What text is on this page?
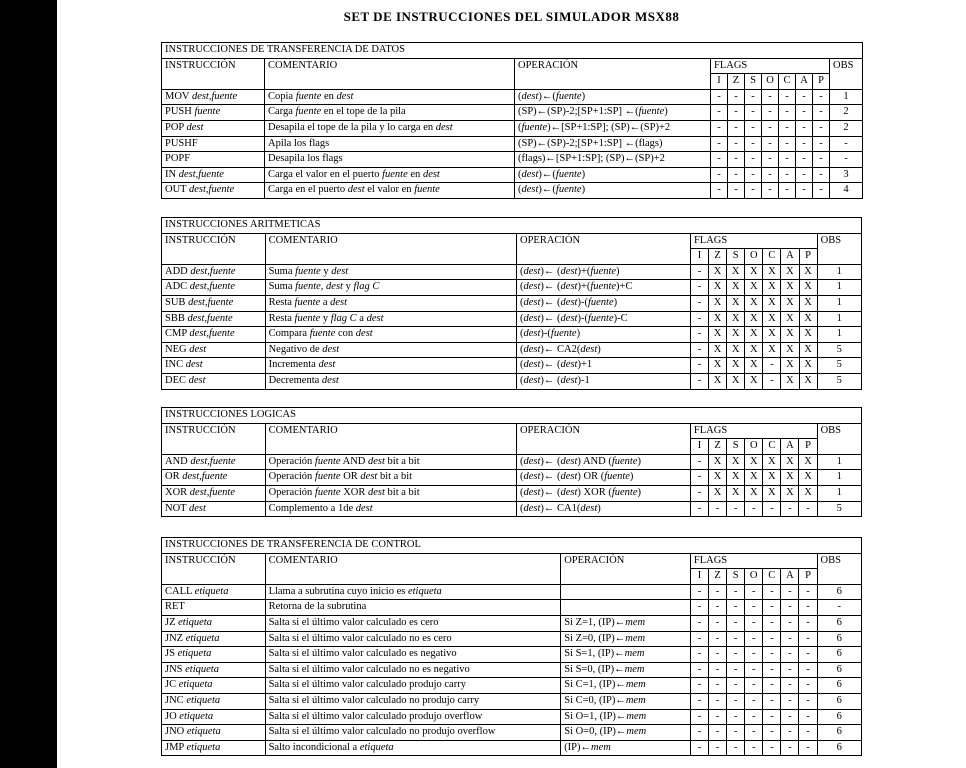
SET DE INSTRUCCIONES DEL SIMULADOR MSX88
INSTRUCCIONES DE TRANSFERENCIA DE DATOS										
INSTRUCCIÓN	COMENTARIO	OPERACIÓN	FLAGS							OBS
			I	Z	S	O	C	A	P	
MOV dest,fuente	Copia fuente en dest	(dest)←(fuente)	-	-	-	-	-	-	-	1
PUSH fuente	Carga fuente en el tope de la pila	(SP)←(SP)-2;[SP+1:SP] ←(fuente)	-	-	-	-	-	-	-	2
POP dest	Desapila el tope de la pila y lo carga en dest	(fuente)←[SP+1:SP]; (SP)←(SP)+2	-	-	-	-	-	-	-	2
PUSHF	Apila los flags	(SP)←(SP)-2;[SP+1:SP] ←(flags)	-	-	-	-	-	-	-	-
POPF	Desapila los flags	(flags)←[SP+1:SP]; (SP)←(SP)+2	-	-	-	-	-	-	-	-
IN dest,fuente	Carga el valor en el puerto fuente en dest	(dest)←(fuente)	-	-	-	-	-	-	-	3
OUT dest,fuente	Carga en el puerto dest el valor en fuente	(dest)←(fuente)	-	-	-	-	-	-	-	4
INSTRUCCIONES ARITMETICAS										
INSTRUCCIÓN	COMENTARIO	OPERACIÓN	FLAGS							OBS
			I	Z	S	O	C	A	P	
ADD dest,fuente	Suma fuente y dest	(dest)← (dest)+(fuente)	-	X	X	X	X	X	X	1
ADC dest,fuente	Suma fuente, dest y flag C	(dest)← (dest)+(fuente)+C	-	X	X	X	X	X	X	1
SUB dest,fuente	Resta fuente a dest	(dest)← (dest)-(fuente)	-	X	X	X	X	X	X	1
SBB dest,fuente	Resta fuente y flag C a dest	(dest)← (dest)-(fuente)-C	-	X	X	X	X	X	X	1
CMP dest,fuente	Compara fuente con dest	(dest)-(fuente)	-	X	X	X	X	X	X	1
NEG dest	Negativo de dest	(dest)← CA2(dest)	-	X	X	X	X	X	X	5
INC dest	Incrementa dest	(dest)← (dest)+1	-	X	X	X	-	X	X	5
DEC dest	Decrementa dest	(dest)← (dest)-1	-	X	X	X	-	X	X	5
INSTRUCCIONES LOGICAS										
INSTRUCCIÓN	COMENTARIO	OPERACIÓN	FLAGS							OBS
			I	Z	S	O	C	A	P	
AND dest,fuente	Operación fuente AND dest bit a bit	(dest)← (dest) AND (fuente)	-	X	X	X	X	X	X	1
OR dest,fuente	Operación fuente OR dest bit a bit	(dest)← (dest) OR (fuente)	-	X	X	X	X	X	X	1
XOR dest,fuente	Operación fuente XOR dest bit a bit	(dest)← (dest) XOR (fuente)	-	X	X	X	X	X	X	1
NOT dest	Complemento a 1de dest	(dest)← CA1(dest)	-	-	-	-	-	-	-	5
INSTRUCCIONES DE TRANSFERENCIA DE CONTROL										
INSTRUCCIÓN	COMENTARIO	OPERACIÓN	FLAGS							OBS
			I	Z	S	O	C	A	P	
CALL etiqueta	Llama a subrutina cuyo inicio es etiqueta		-	-	-	-	-	-	-	6
RET	Retorna de la subrutina		-	-	-	-	-	-	-	-
JZ etiqueta	Salta si el último valor calculado es cero	Si Z=1, (IP)←mem	-	-	-	-	-	-	-	6
JNZ etiqueta	Salta si el último valor calculado no es cero	Si Z=0, (IP)←mem	-	-	-	-	-	-	-	6
JS etiqueta	Salta si el último valor calculado es negativo	Si S=1, (IP)←mem	-	-	-	-	-	-	-	6
JNS etiqueta	Salta si el último valor calculado no es negativo	Si S=0, (IP)←mem	-	-	-	-	-	-	-	6
JC etiqueta	Salta si el último valor calculado produjo carry	Si C=1, (IP)←mem	-	-	-	-	-	-	-	6
JNC etiqueta	Salta si el último valor calculado no produjo carry	Si C=0, (IP)←mem	-	-	-	-	-	-	-	6
JO etiqueta	Salta si el último valor calculado produjo overflow	Si O=1, (IP)←mem	-	-	-	-	-	-	-	6
JNO etiqueta	Salta si el último valor calculado no produjo overflow	Si O=0, (IP)←mem	-	-	-	-	-	-	-	6
JMP etiqueta	Salto incondicional a etiqueta	(IP)←mem	-	-	-	-	-	-	-	6
